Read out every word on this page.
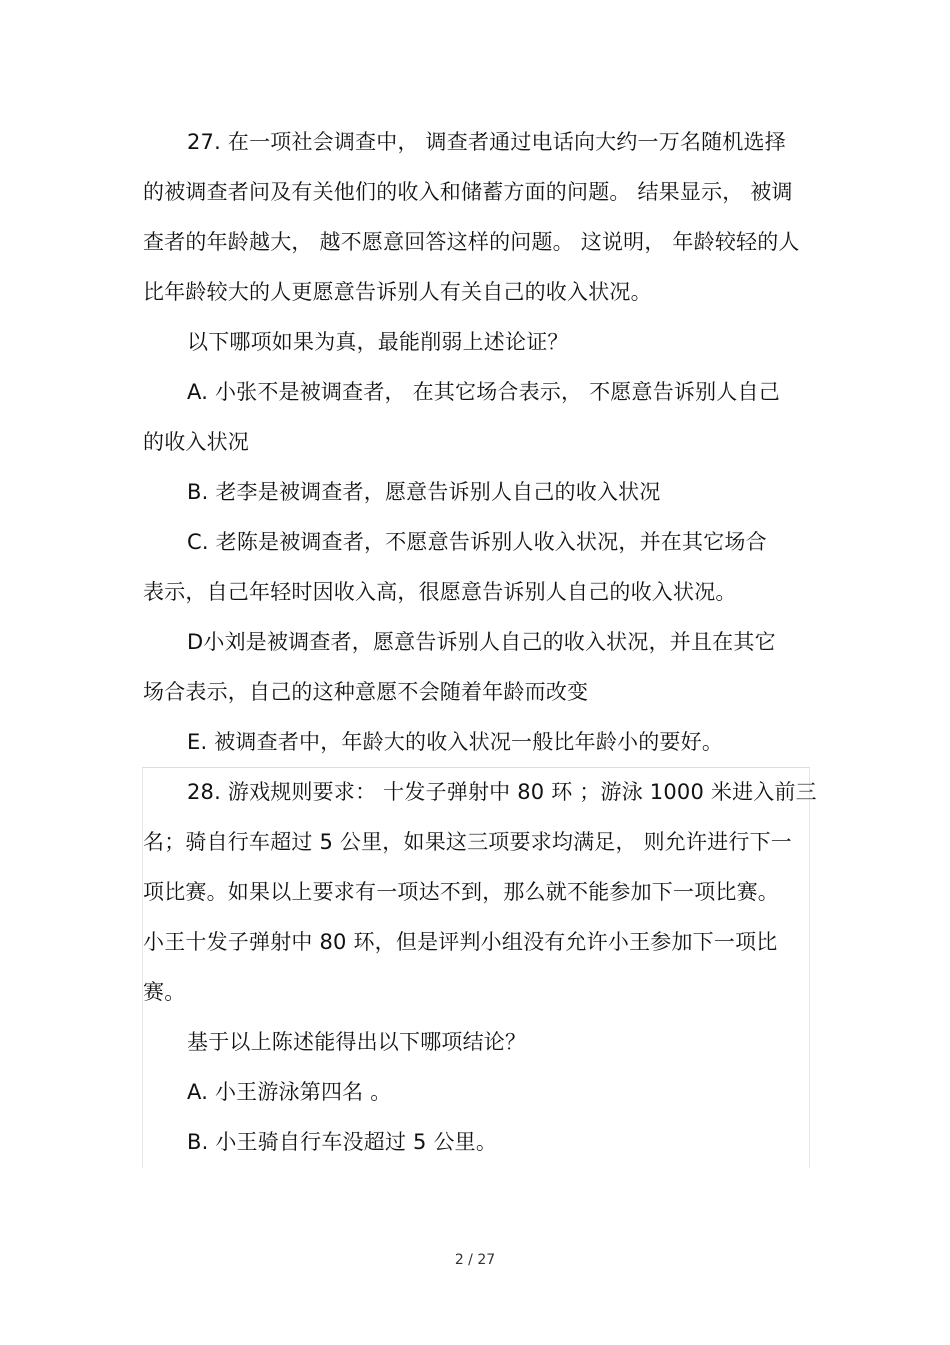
27. 在一项社会调查中， 调查者通过电话向大约一万名随机选择
的被调查者问及有关他们的收入和储蓄方面的问题。 结果显示， 被调
查者的年龄越大， 越不愿意回答这样的问题。 这说明， 年龄较轻的人
比年龄较大的人更愿意告诉别人有关自己的收入状况。
以下哪项如果为真，最能削弱上述论证？
A. 小张不是被调查者， 在其它场合表示， 不愿意告诉别人自己
的收入状况
B. 老李是被调查者，愿意告诉别人自己的收入状况
C. 老陈是被调查者，不愿意告诉别人收入状况，并在其它场合
表示，自己年轻时因收入高，很愿意告诉别人自己的收入状况。
D小刘是被调查者，愿意告诉别人自己的收入状况，并且在其它
场合表示，自己的这种意愿不会随着年龄而改变
E. 被调查者中，年龄大的收入状况一般比年龄小的要好。
28. 游戏规则要求： 十发子弹射中 80 环 ；游泳 1000 米进入前三
名；骑自行车超过 5 公里，如果这三项要求均满足， 则允许进行下一
项比赛。如果以上要求有一项达不到，那么就不能参加下一项比赛。
小王十发子弹射中 80 环，但是评判小组没有允许小王参加下一项比
赛。
基于以上陈述能得出以下哪项结论？
A. 小王游泳第四名 。
B. 小王骑自行车没超过 5 公里。
2 / 27
